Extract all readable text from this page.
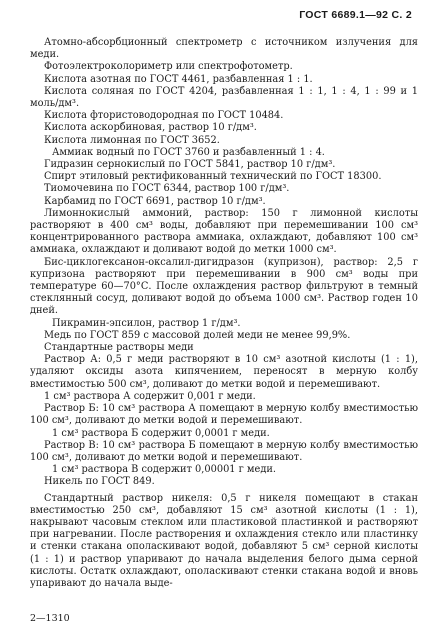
ГОСТ 6689.1—92 С. 2

Атомно-абсорбционный спектрометр с источником излучения для меди.

Фотоэлектроколориметр или спектрофотометр.

Кислота азотная по ГОСТ 4461, разбавленная 1 : 1.

Кислота соляная по ГОСТ 4204, разбавленная 1 : 1, 1 : 4, 1 : 99 и 1 моль/дм³.

Кислота фтористоводородная по ГОСТ 10484.

Кислота аскорбиновая, раствор 10 г/дм³.

Кислота лимонная по ГОСТ 3652.

Аммиак водный по ГОСТ 3760 и разбавленный 1 : 4.

Гидразин сернокислый по ГОСТ 5841, раствор 10 г/дм³.

Спирт этиловый ректификованный технический по ГОСТ 18300.

Тиомочевина по ГОСТ 6344, раствор 100 г/дм³.

Карбамид по ГОСТ 6691, раствор 10 г/дм³.

Лимоннокислый аммоний, раствор: 150 г лимонной кислоты растворяют в 400 см³ воды, добавляют при перемешивании 100 см³ концентрированного раствора аммиака, охлаждают, добавляют 100 см³ аммиака, охлаждают и доливают водой до метки 1000 см³.

Бис-циклогексанон-оксалил-дигидразон (купризон), раствор: 2,5 г купризона растворяют при перемешивании в 900 см³ воды при температуре 60—70°С. После охлаждения раствор фильтруют в темный стеклянный сосуд, доливают водой до объема 1000 см³. Раствор годен 10 дней.

Пикрамин-эпсилон, раствор 1 г/дм³.

Медь по ГОСТ 859 с массовой долей меди не менее 99,9%.

Стандартные растворы меди

Раствор А: 0,5 г меди растворяют в 10 см³ азотной кислоты (1 : 1), удаляют оксиды азота кипячением, переносят в мерную колбу вместимостью 500 см³, доливают до метки водой и перемешивают.

1 см³ раствора А содержит 0,001 г меди.

Раствор Б: 10 см³ раствора А помещают в мерную колбу вместимостью 100 см³, доливают до метки водой и перемешивают.

1 см³ раствора Б содержит 0,0001 г меди.

Раствор В: 10 см³ раствора Б помещают в мерную колбу вместимостью 100 см³, доливают до метки водой и перемешивают.

1 см³ раствора В содержит 0,00001 г меди.

Никель по ГОСТ 849.

Стандартный раствор никеля: 0,5 г никеля помещают в стакан вместимостью 250 см³, добавляют 15 см³ азотной кислоты (1 : 1), накрывают часовым стеклом или пластиковой пластинкой и растворяют при нагревании. После растворения и охлаждения стекло или пластинку и стенки стакана ополаскивают водой, добавляют 5 см³ серной кислоты (1 : 1) и раствор упаривают до начала выделения белого дыма серной кислоты. Остатк охлаждают, ополаскивают стенки стакана водой и вновь упаривают до начала выде-

2—1310
